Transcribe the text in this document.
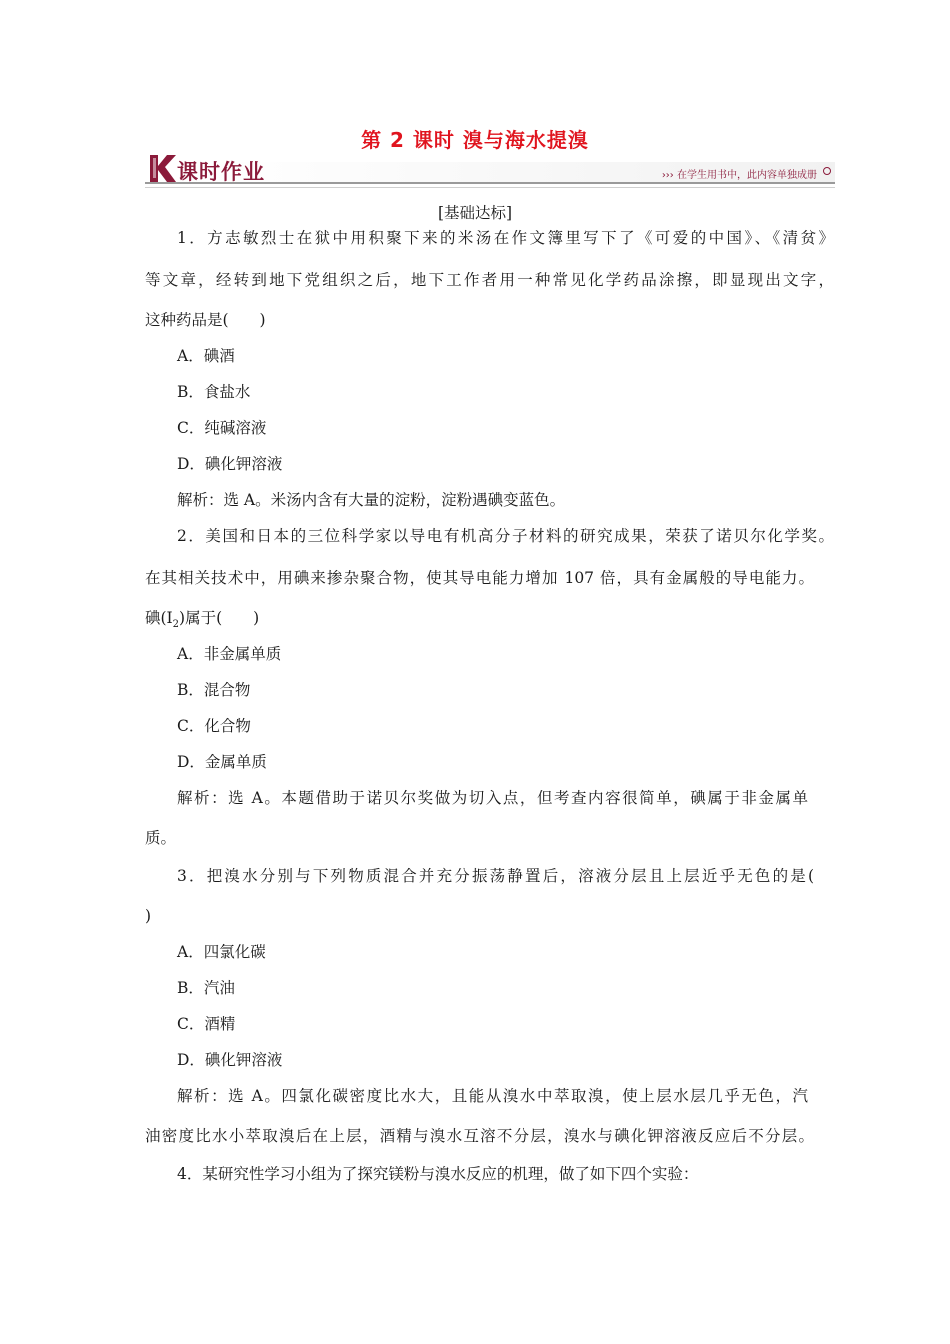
第 2 课时 溴与海水提溴
课时作业	››› 在学生用书中，此内容单独成册
[基础达标]
1．方志敏烈士在狱中用积聚下来的米汤在作文簿里写下了《可爱的中国》、《清贫》
等文章，经转到地下党组织之后，地下工作者用一种常见化学药品涂擦，即显现出文字，
这种药品是(　　)
A．碘酒
B．食盐水
C．纯碱溶液
D．碘化钾溶液
解析：选 A。米汤内含有大量的淀粉，淀粉遇碘变蓝色。
2．美国和日本的三位科学家以导电有机高分子材料的研究成果，荣获了诺贝尔化学奖。
在其相关技术中，用碘来掺杂聚合物，使其导电能力增加 107 倍，具有金属般的导电能力。
碘$(I_2)$属于(　　)
A．非金属单质
B．混合物
C．化合物
D．金属单质
解析：选 A。本题借助于诺贝尔奖做为切入点，但考查内容很简单，碘属于非金属单
质。
3．把溴水分别与下列物质混合并充分振荡静置后，溶液分层且上层近乎无色的是(
)
A．四氯化碳
B．汽油
C．酒精
D．碘化钾溶液
解析：选 A。四氯化碳密度比水大，且能从溴水中萃取溴，使上层水层几乎无色，汽
油密度比水小萃取溴后在上层，酒精与溴水互溶不分层，溴水与碘化钾溶液反应后不分层。
4．某研究性学习小组为了探究镁粉与溴水反应的机理，做了如下四个实验：
